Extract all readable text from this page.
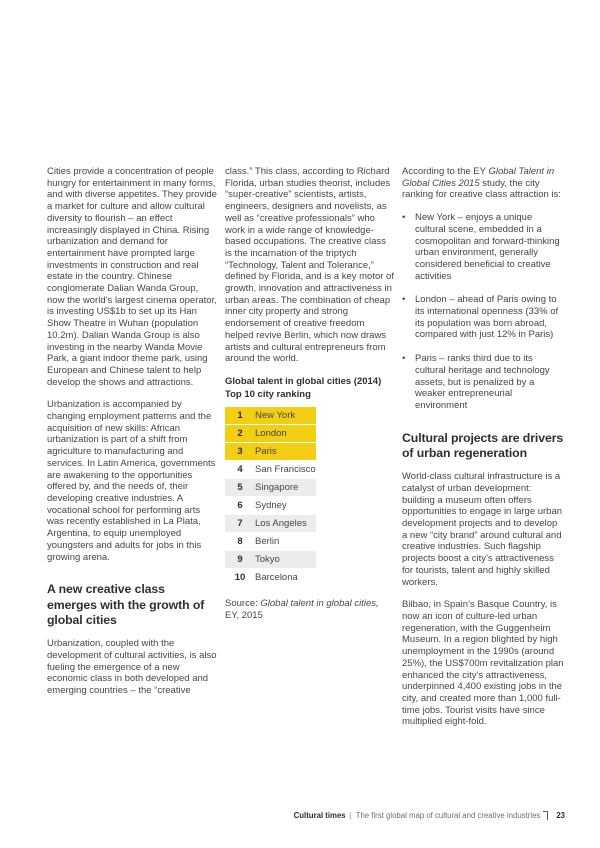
Cities provide a concentration of people hungry for entertainment in many forms, and with diverse appetites. They provide a market for culture and allow cultural diversity to flourish – an effect increasingly displayed in China. Rising urbanization and demand for entertainment have prompted large investments in construction and real estate in the country. Chinese conglomerate Dalian Wanda Group, now the world’s largest cinema operator, is investing US$1b to set up its Han Show Theatre in Wuhan (population 10.2m). Dalian Wanda Group is also investing in the nearby Wanda Movie Park, a giant indoor theme park, using European and Chinese talent to help develop the shows and attractions.

Urbanization is accompanied by changing employment patterns and the acquisition of new skills: African urbanization is part of a shift from agriculture to manufacturing and services. In Latin America, governments are awakening to the opportunities offered by, and the needs of, their developing creative industries. A vocational school for performing arts was recently established in La Plata, Argentina, to equip unemployed youngsters and adults for jobs in this growing arena.

A new creative class emerges with the growth of global cities

Urbanization, coupled with the development of cultural activities, is also fueling the emergence of a new economic class in both developed and emerging countries – the “creative

class.” This class, according to Richard Florida, urban studies theorist, includes “super-creative” scientists, artists, engineers, designers and novelists, as well as “creative professionals” who work in a wide range of knowledge-based occupations. The creative class is the incarnation of the triptych “Technology, Talent and Tolerance,” defined by Florida, and is a key motor of growth, innovation and attractiveness in urban areas. The combination of cheap inner city property and strong endorsement of creative freedom helped revive Berlin, which now draws artists and cultural entrepreneurs from around the world.

Global talent in global cities (2014)
Top 10 city ranking
1	New York
2	London
3	Paris
4	San Francisco
5	Singapore
6	Sydney
7	Los Angeles
8	Berlin
9	Tokyo
10	Barcelona

Source: Global talent in global cities, EY, 2015

According to the EY Global Talent in Global Cities 2015 study, the city ranking for creative class attraction is:

• New York – enjoys a unique cultural scene, embedded in a cosmopolitan and forward-thinking urban environment, generally considered beneficial to creative activities
• London – ahead of Paris owing to its international openness (33% of its population was born abroad, compared with just 12% in Paris)
• Paris – ranks third due to its cultural heritage and technology assets, but is penalized by a weaker entrepreneurial environment
Cultural projects are drivers of urban regeneration

World-class cultural infrastructure is a catalyst of urban development: building a museum often offers opportunities to engage in large urban development projects and to develop a new “city brand” around cultural and creative industries. Such flagship projects boost a city’s attractiveness for tourists, talent and highly skilled workers.

Bilbao, in Spain’s Basque Country, is now an icon of culture-led urban regeneration, with the Guggenheim Museum. In a region blighted by high unemployment in the 1990s (around 25%), the US$700m revitalization plan enhanced the city’s attractiveness, underpinned 4,400 existing jobs in the city, and created more than 1,000 full-time jobs. Tourist visits have since multiplied eight-fold.

Cultural times | The first global map of cultural and creative industries 23
